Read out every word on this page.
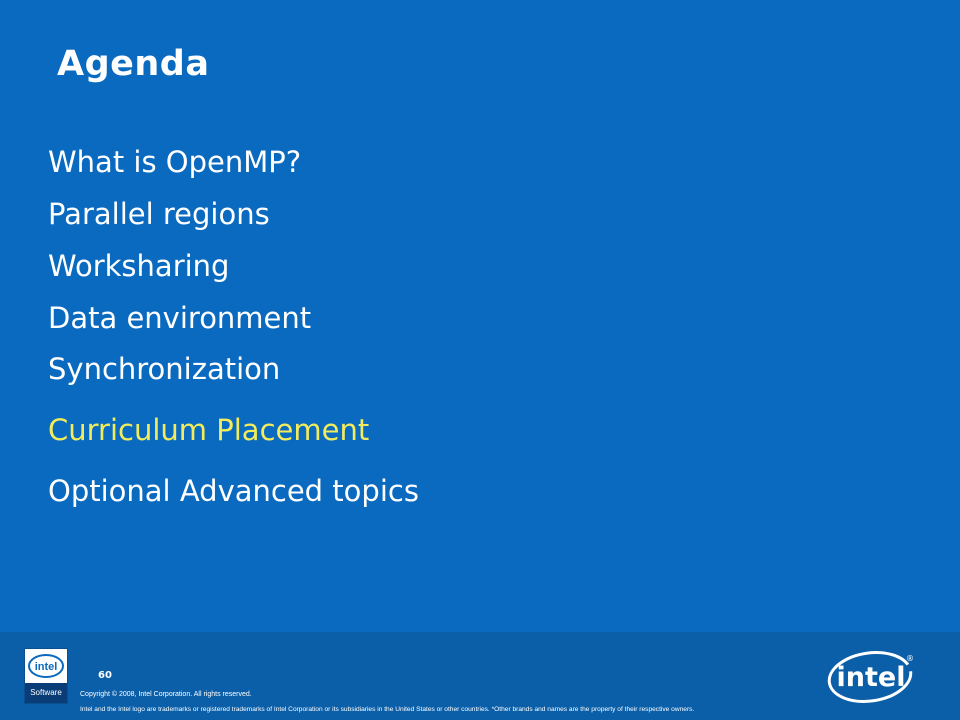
Agenda
What is OpenMP?
Parallel regions
Worksharing
Data environment
Synchronization
Curriculum Placement
Optional Advanced topics
intel
Software
60
Copyright © 2008, Intel Corporation. All rights reserved.
Intel and the Intel logo are trademarks or registered trademarks of Intel Corporation or its subsidiaries in the United States or other countries. *Other brands and names are the property of their respective owners.
intel
®
